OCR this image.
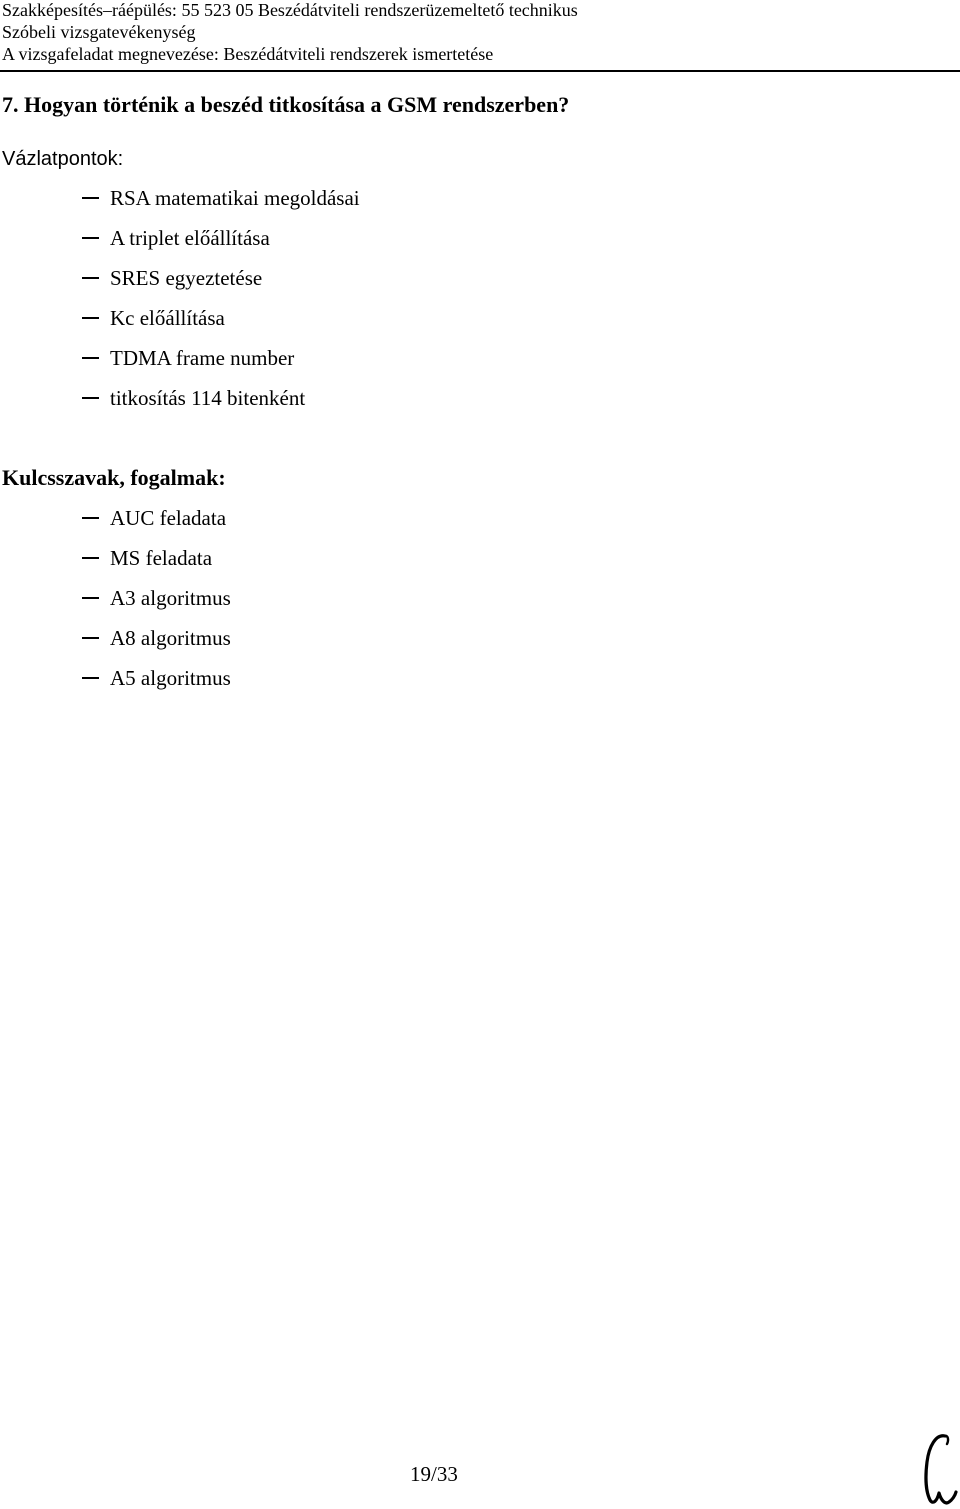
Szakképesítés–ráépülés: 55 523 05 Beszédátviteli rendszerüzemeltető technikus
Szóbeli vizsgatevékenység
A vizsgafeladat megnevezése: Beszédátviteli rendszerek ismertetése
7. Hogyan történik a beszéd titkosítása a GSM rendszerben?
Vázlatpontok:
RSA matematikai megoldásai
A triplet előállítása
SRES egyeztetése
Kc előállítása
TDMA frame number
titkosítás 114 bitenként
Kulcsszavak, fogalmak:
AUC feladata
MS feladata
A3 algoritmus
A8 algoritmus
A5 algoritmus
19/33
